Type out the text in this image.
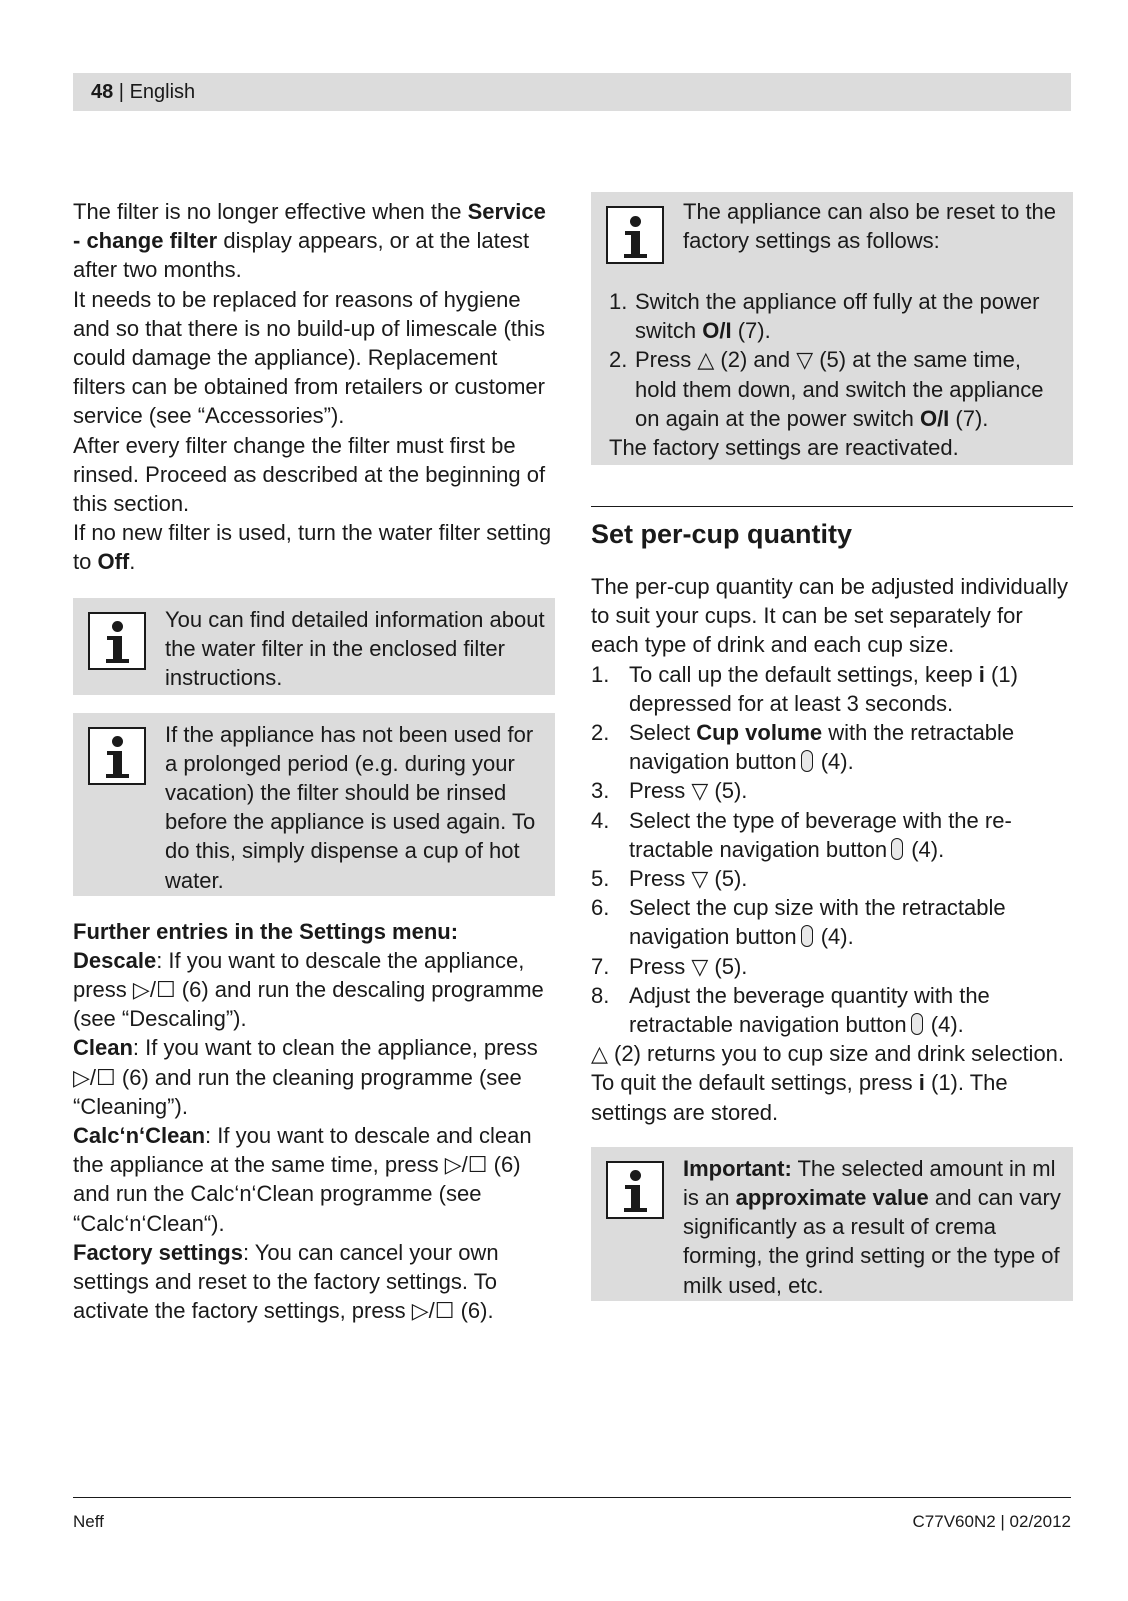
48 | English

The filter is no longer effective when the Service - change filter display appears, or at the latest after two months.

It needs to be replaced for reasons of hygiene and so that there is no build-up of limescale (this could damage the appliance). Replacement filters can be obtained from retailers or customer service (see “Accessories”).

After every filter change the filter must first be rinsed. Proceed as described at the beginning of this section.

If no new filter is used, turn the water filter setting to Off.

You can find detailed information about the water filter in the enclosed filter instructions.

If the appliance has not been used for a prolonged period (e.g. during your vacation) the filter should be rinsed before the appliance is used again. To do this, simply dispense a cup of hot water.

Further entries in the Settings menu:

Descale: If you want to descale the appliance, press ▷/☐ (6) and run the descaling programme (see “Descaling”).

Clean: If you want to clean the appliance, press ▷/☐ (6) and run the cleaning programme (see “Cleaning”).

Calc‘n‘Clean: If you want to descale and clean the appliance at the same time, press ▷/☐ (6) and run the Calc‘n‘Clean programme (see “Calc‘n‘Clean“).

Factory settings: You can cancel your own settings and reset to the factory settings. To activate the factory settings, press ▷/☐ (6).

The appliance can also be reset to the factory settings as follows:

1. Switch the appliance off fully at the power switch O/I (7).
2. Press △ (2) and ▽ (5) at the same time, hold them down, and switch the appliance on again at the power switch O/I (7).

The factory settings are reactivated.

Set per-cup quantity

The per-cup quantity can be adjusted individually to suit your cups. It can be set separately for each type of drink and each cup size.

1. To call up the default settings, keep i (1) depressed for at least 3 seconds.
2. Select Cup volume with the retractable navigation button (4).
3. Press ▽ (5).
4. Select the type of beverage with the retractable navigation button (4).
5. Press ▽ (5).
6. Select the cup size with the retractable navigation button (4).
7. Press ▽ (5).
8. Adjust the beverage quantity with the retractable navigation button (4).

△ (2) returns you to cup size and drink selection. To quit the default settings, press i (1). The settings are stored.

Important: The selected amount in ml is an approximate value and can vary significantly as a result of crema forming, the grind setting or the type of milk used, etc.

Neff	C77V60N2 | 02/2012
